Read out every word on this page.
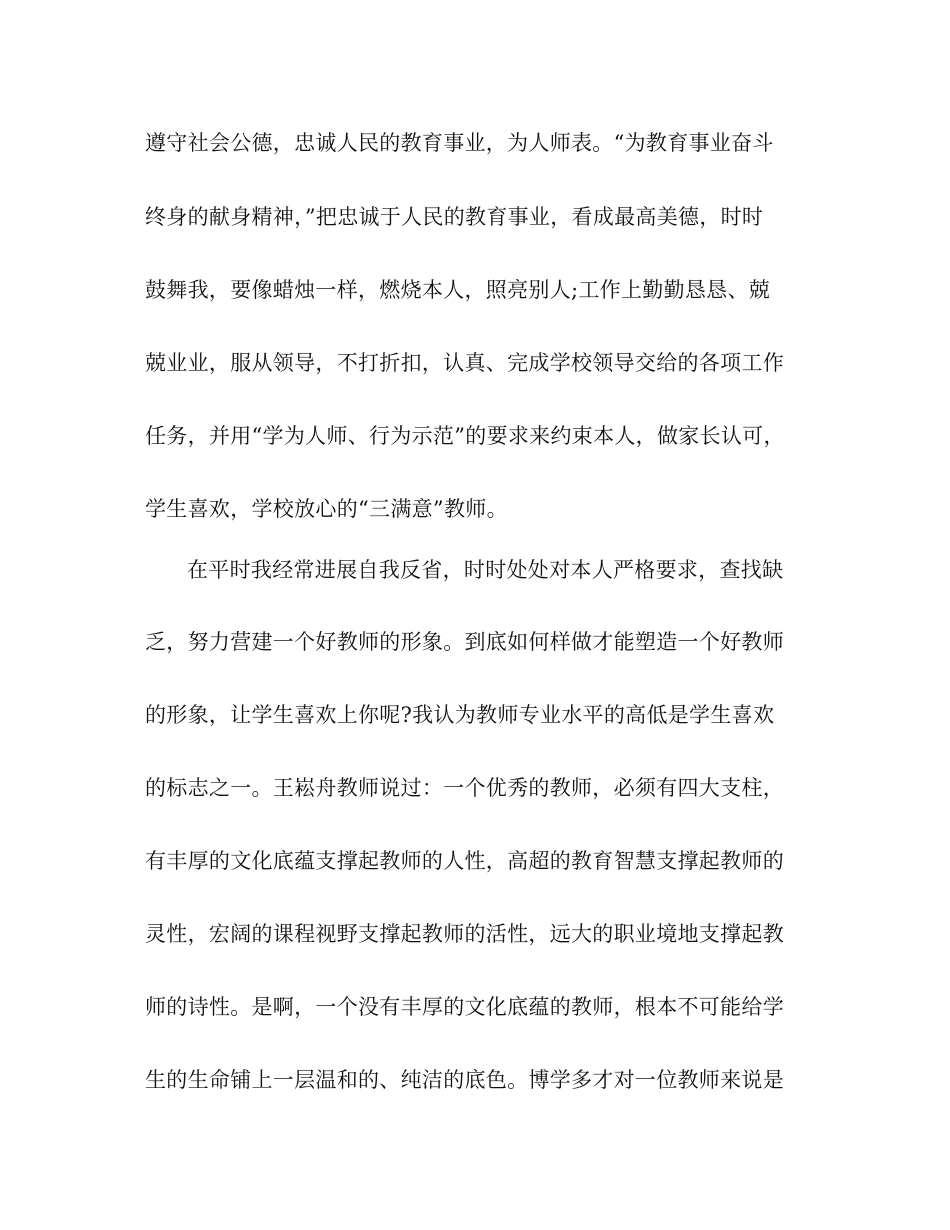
遵守社会公德，忠诚人民的教育事业，为人师表。“为教育事业奋斗
终身的献身精神，”把忠诚于人民的教育事业，看成最高美德，时时
鼓舞我，要像蜡烛一样，燃烧本人，照亮别人;工作上勤勤恳恳、兢
兢业业，服从领导，不打折扣，认真、完成学校领导交给的各项工作
任务，并用“学为人师、行为示范”的要求来约束本人，做家长认可，
学生喜欢，学校放心的“三满意”教师。
在平时我经常进展自我反省，时时处处对本人严格要求，查找缺
乏，努力营建一个好教师的形象。到底如何样做才能塑造一个好教师
的形象，让学生喜欢上你呢?我认为教师专业水平的高低是学生喜欢
的标志之一。王崧舟教师说过：一个优秀的教师，必须有四大支柱，
有丰厚的文化底蕴支撑起教师的人性，高超的教育智慧支撑起教师的
灵性，宏阔的课程视野支撑起教师的活性，远大的职业境地支撑起教
师的诗性。是啊，一个没有丰厚的文化底蕴的教师，根本不可能给学
生的生命铺上一层温和的、纯洁的底色。博学多才对一位教师来说是
